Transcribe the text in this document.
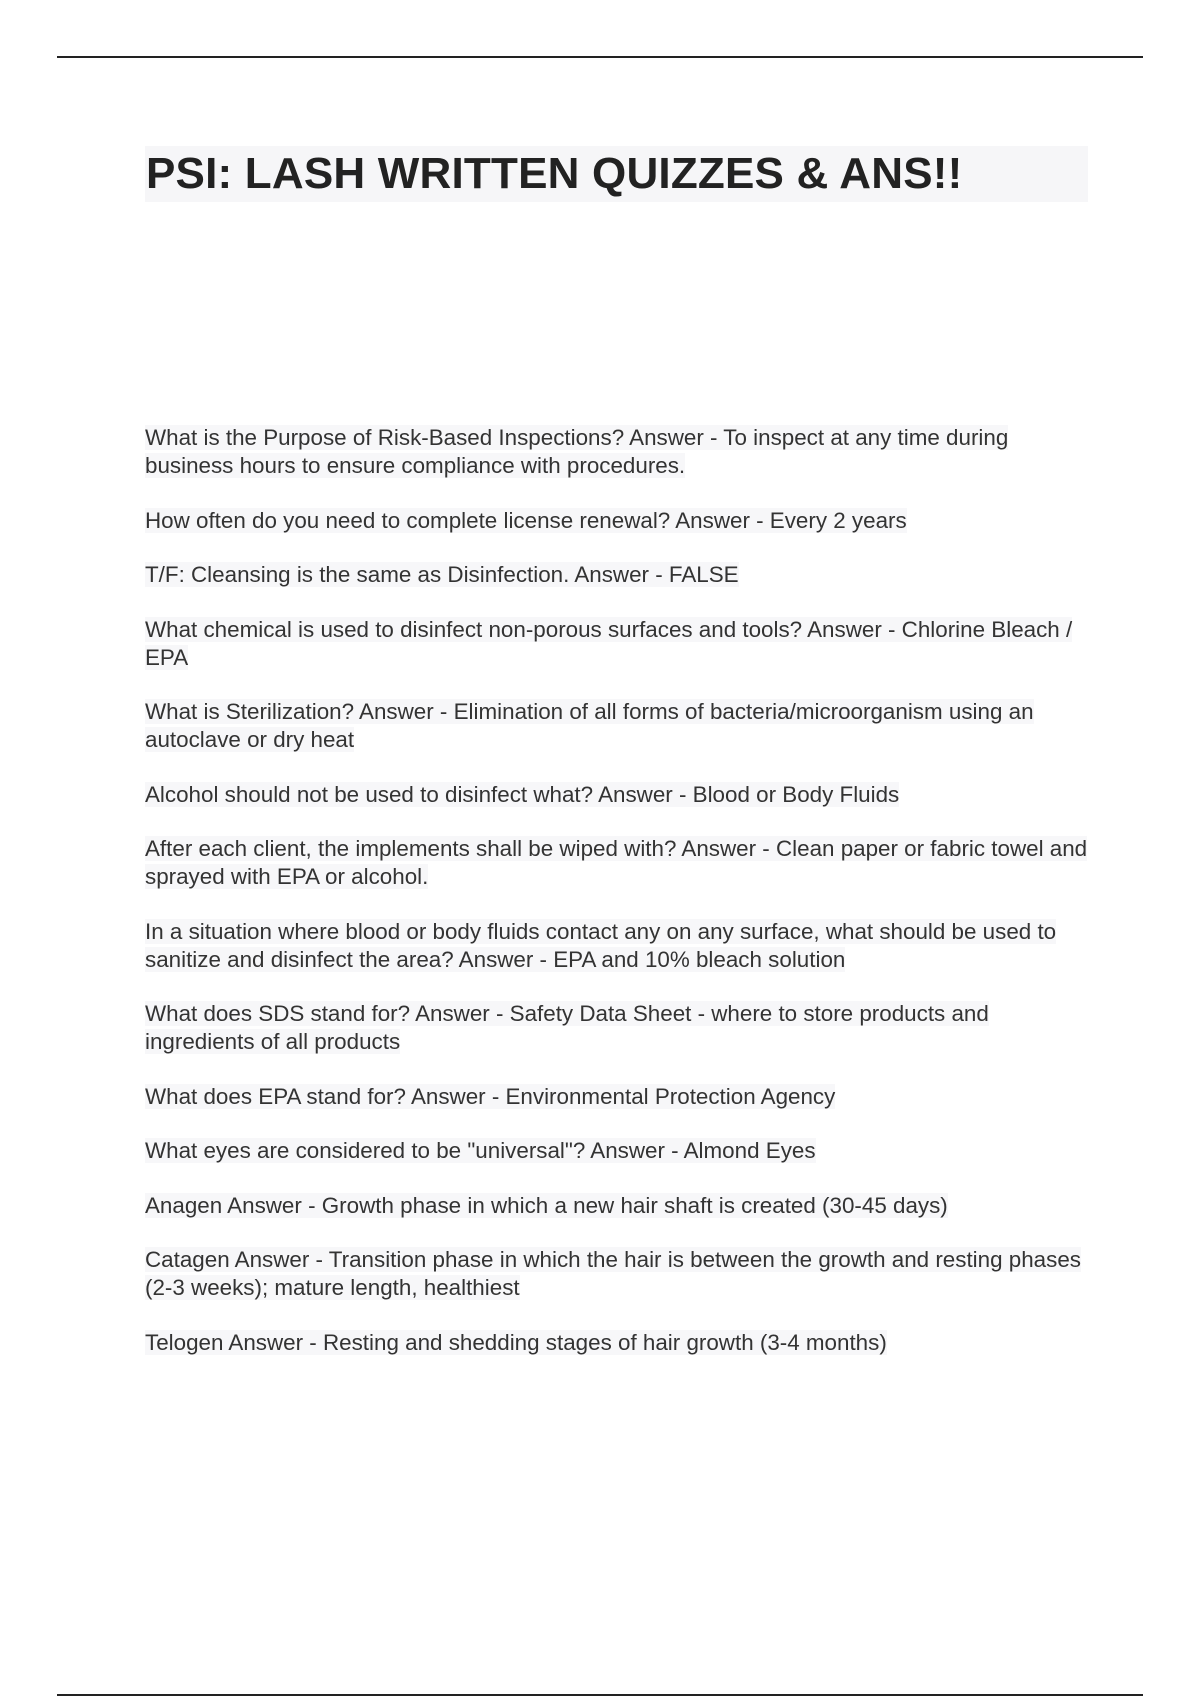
PSI: LASH WRITTEN QUIZZES & ANS!!
What is the Purpose of Risk-Based Inspections? Answer - To inspect at any time during business hours to ensure compliance with procedures.
How often do you need to complete license renewal? Answer - Every 2 years
T/F: Cleansing is the same as Disinfection. Answer - FALSE
What chemical is used to disinfect non-porous surfaces and tools? Answer - Chlorine Bleach / EPA
What is Sterilization? Answer - Elimination of all forms of bacteria/microorganism using an autoclave or dry heat
Alcohol should not be used to disinfect what? Answer - Blood or Body Fluids
After each client, the implements shall be wiped with? Answer - Clean paper or fabric towel and sprayed with EPA or alcohol.
In a situation where blood or body fluids contact any on any surface, what should be used to sanitize and disinfect the area? Answer - EPA and 10% bleach solution
What does SDS stand for? Answer - Safety Data Sheet - where to store products and ingredients of all products
What does EPA stand for? Answer - Environmental Protection Agency
What eyes are considered to be "universal"? Answer - Almond Eyes
Anagen Answer - Growth phase in which a new hair shaft is created (30-45 days)
Catagen Answer - Transition phase in which the hair is between the growth and resting phases (2-3 weeks); mature length, healthiest
Telogen Answer - Resting and shedding stages of hair growth (3-4 months)
